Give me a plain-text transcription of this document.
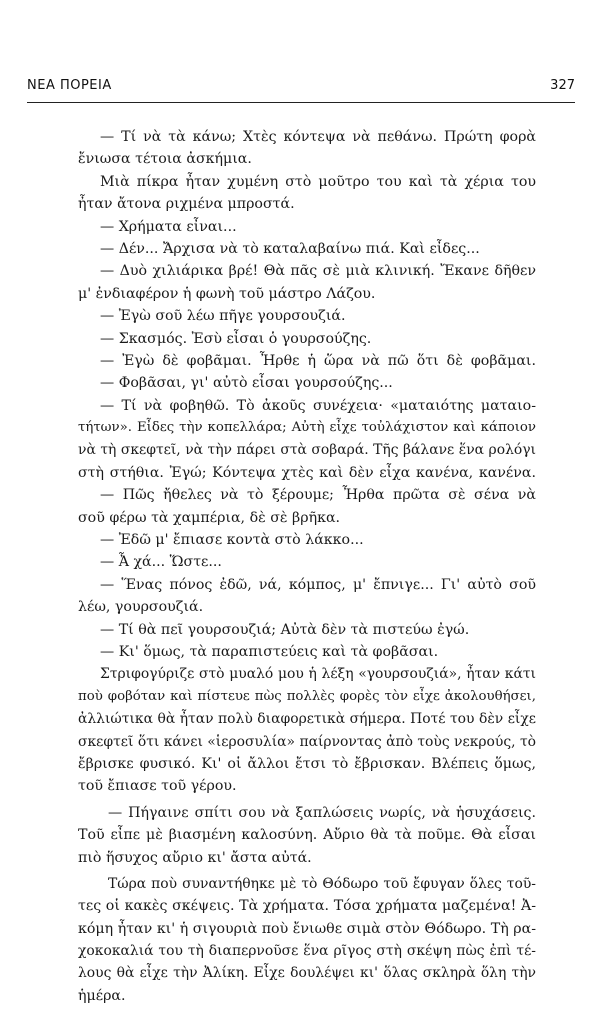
ΝΕΑ ΠΟΡΕΙΑ	327
— Τί νὰ τὰ κάνω; Χτὲς κόντεψα νὰ πεθάνω. Πρώτη φορὰ
ἔνιωσα τέτοια ἀσκήμια.
Μιὰ πίκρα ἦταν χυμένη στὸ μοῦτρο του καὶ τὰ χέρια του
ἦταν ἄτονα ριχμένα μπροστά.
— Χρήματα εἶναι...
— Δέν... Ἄρχισα νὰ τὸ καταλαβαίνω πιά. Καὶ εἶδες...
— Δυὸ χιλιάρικα βρέ! Θὰ πᾶς σὲ μιὰ κλινική. Ἔκανε δῆθεν
μ' ἐνδιαφέρον ἡ φωνὴ τοῦ μάστρο Λάζου.
— Ἐγὼ σοῦ λέω πῆγε γουρσουζιά.
— Σκασμός. Ἐσὺ εἶσαι ὁ γουρσούζης.
— Ἐγὼ δὲ φοβᾶμαι. Ἦρθε ἡ ὥρα νὰ πῶ ὅτι δὲ φοβᾶμαι.
— Φοβᾶσαι, γι' αὐτὸ εἶσαι γουρσούζης...
— Τί νὰ φοβηθῶ. Τὸ ἀκοῦς συνέχεια· «ματαιότης ματαιο-
τήτων». Εἶδες τὴν κοπελλάρα; Αὐτὴ εἶχε τοὐλάχιστον καὶ κάποιον
νὰ τὴ σκεφτεῖ, νὰ τὴν πάρει στὰ σοβαρά. Τῆς βάλανε ἕνα ρολόγι
στὴ στήθια. Ἐγώ; Κόντεψα χτὲς καὶ δὲν εἶχα κανένα, κανένα.
— Πῶς ἤθελες νὰ τὸ ξέρουμε; Ἦρθα πρῶτα σὲ σένα νὰ
σοῦ φέρω τὰ χαμπέρια, δὲ σὲ βρῆκα.
— Ἐδῶ μ' ἔπιασε κοντὰ στὸ λάκκο...
— Ἆ χά... Ὥστε...
— Ἕνας πόνος ἐδῶ, νά, κόμπος, μ' ἔπνιγε... Γι' αὐτὸ σοῦ
λέω, γουρσουζιά.
— Τί θὰ πεῖ γουρσουζιά; Αὐτὰ δὲν τὰ πιστεύω ἐγώ.
— Κι' ὅμως, τὰ παραπιστεύεις καὶ τὰ φοβᾶσαι.
Στριφογύριζε στὸ μυαλό μου ἡ λέξη «γουρσουζιά», ἦταν κάτι
ποὺ φοβόταν καὶ πίστευε πὼς πολλὲς φορὲς τὸν εἶχε ἀκολουθήσει,
ἀλλιώτικα θὰ ἦταν πολὺ διαφορετικὰ σήμερα. Ποτέ του δὲν εἶχε
σκεφτεῖ ὅτι κάνει «ἱεροσυλία» παίρνοντας ἀπὸ τοὺς νεκρούς, τὸ
ἔβρισκε φυσικό. Κι' οἱ ἄλλοι ἔτσι τὸ ἔβρισκαν. Βλέπεις ὅμως,
τοῦ ἔπιασε τοῦ γέρου.
— Πήγαινε σπίτι σου νὰ ξαπλώσεις νωρίς, νὰ ἡσυχάσεις.
Τοῦ εἶπε μὲ βιασμένη καλοσύνη. Αὔριο θὰ τὰ ποῦμε. Θὰ εἶσαι
πιὸ ἥσυχος αὔριο κι' ἄστα αὐτά.
Τώρα ποὺ συναντήθηκε μὲ τὸ Θόδωρο τοῦ ἔφυγαν ὅλες τοῦ-
τες οἱ κακὲς σκέψεις. Τὰ χρήματα. Τόσα χρήματα μαζεμένα! Ἀ-
κόμη ἦταν κι' ἡ σιγουριὰ ποὺ ἔνιωθε σιμὰ στὸν Θόδωρο. Τὴ ρα-
χοκοκαλιά του τὴ διαπερνοῦσε ἕνα ρῖγος στὴ σκέψη πὼς ἐπὶ τέ-
λους θὰ εἶχε τὴν Ἀλίκη. Εἶχε δουλέψει κι' ὅλας σκληρὰ ὅλη τὴν
ἡμέρα.
